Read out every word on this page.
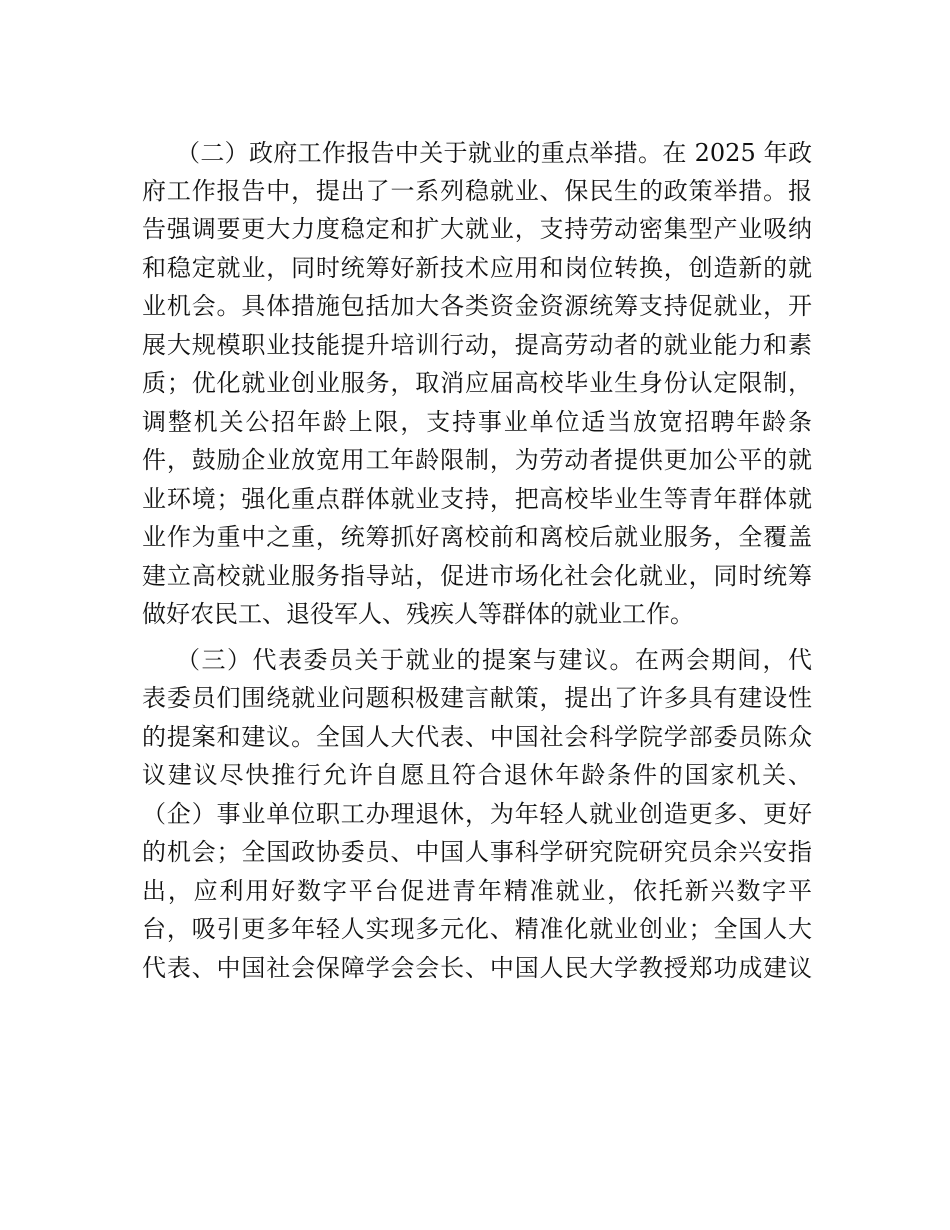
（二）政府工作报告中关于就业的重点举措。在 2025 年政
府工作报告中，提出了一系列稳就业、保民生的政策举措。报
告强调要更大力度稳定和扩大就业，支持劳动密集型产业吸纳
和稳定就业，同时统筹好新技术应用和岗位转换，创造新的就
业机会。具体措施包括加大各类资金资源统筹支持促就业，开
展大规模职业技能提升培训行动，提高劳动者的就业能力和素
质；优化就业创业服务，取消应届高校毕业生身份认定限制，
调整机关公招年龄上限，支持事业单位适当放宽招聘年龄条
件，鼓励企业放宽用工年龄限制，为劳动者提供更加公平的就
业环境；强化重点群体就业支持，把高校毕业生等青年群体就
业作为重中之重，统筹抓好离校前和离校后就业服务，全覆盖
建立高校就业服务指导站，促进市场化社会化就业，同时统筹
做好农民工、退役军人、残疾人等群体的就业工作。
（三）代表委员关于就业的提案与建议。在两会期间，代
表委员们围绕就业问题积极建言献策，提出了许多具有建设性
的提案和建议。全国人大代表、中国社会科学院学部委员陈众
议建议尽快推行允许自愿且符合退休年龄条件的国家机关、
（企）事业单位职工办理退休，为年轻人就业创造更多、更好
的机会；全国政协委员、中国人事科学研究院研究员余兴安指
出，应利用好数字平台促进青年精准就业，依托新兴数字平
台，吸引更多年轻人实现多元化、精准化就业创业；全国人大
代表、中国社会保障学会会长、中国人民大学教授郑功成建议
